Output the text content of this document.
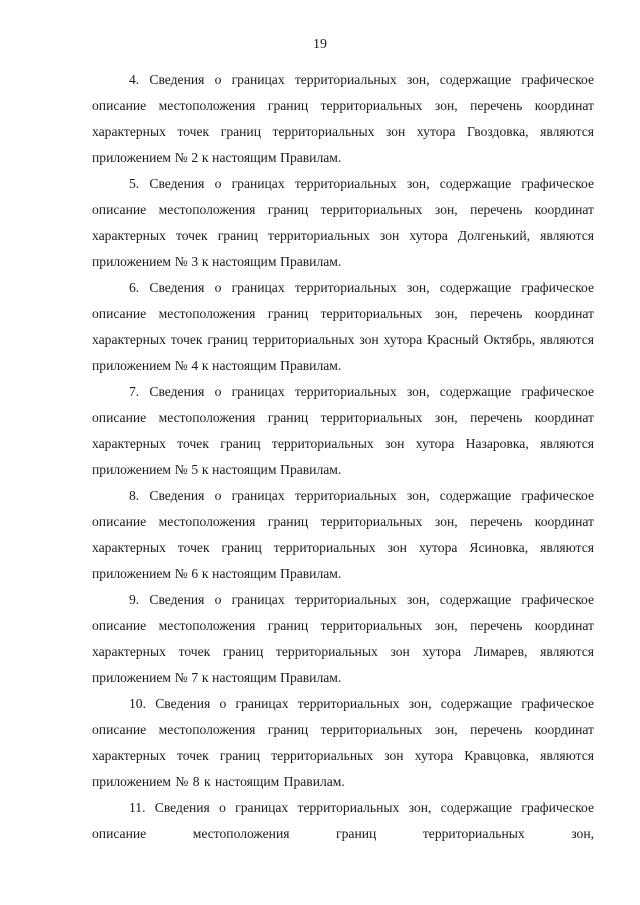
19

4. Сведения о границах территориальных зон, содержащие графическое описание местоположения границ территориальных зон, перечень координат характерных точек границ территориальных зон хутора Гвоздовка, являются приложением № 2 к настоящим Правилам.

5. Сведения о границах территориальных зон, содержащие графическое описание местоположения границ территориальных зон, перечень координат характерных точек границ территориальных зон хутора Долгенький, являются приложением № 3 к настоящим Правилам.

6. Сведения о границах территориальных зон, содержащие графическое описание местоположения границ территориальных зон, перечень координат характерных точек границ территориальных зон хутора Красный Октябрь, являются приложением № 4 к настоящим Правилам.

7. Сведения о границах территориальных зон, содержащие графическое описание местоположения границ территориальных зон, перечень координат характерных точек границ территориальных зон хутора Назаровка, являются приложением № 5 к настоящим Правилам.

8. Сведения о границах территориальных зон, содержащие графическое описание местоположения границ территориальных зон, перечень координат характерных точек границ территориальных зон хутора Ясиновка, являются приложением № 6 к настоящим Правилам.

9. Сведения о границах территориальных зон, содержащие графическое описание местоположения границ территориальных зон, перечень координат характерных точек границ территориальных зон хутора Лимарев, являются приложением № 7 к настоящим Правилам.

10. Сведения о границах территориальных зон, содержащие графическое описание местоположения границ территориальных зон, перечень координат характерных точек границ территориальных зон хутора Кравцовка, являются приложением № 8 к настоящим Правилам.

11. Сведения о границах территориальных зон, содержащие графическое описание местоположения границ территориальных зон,
